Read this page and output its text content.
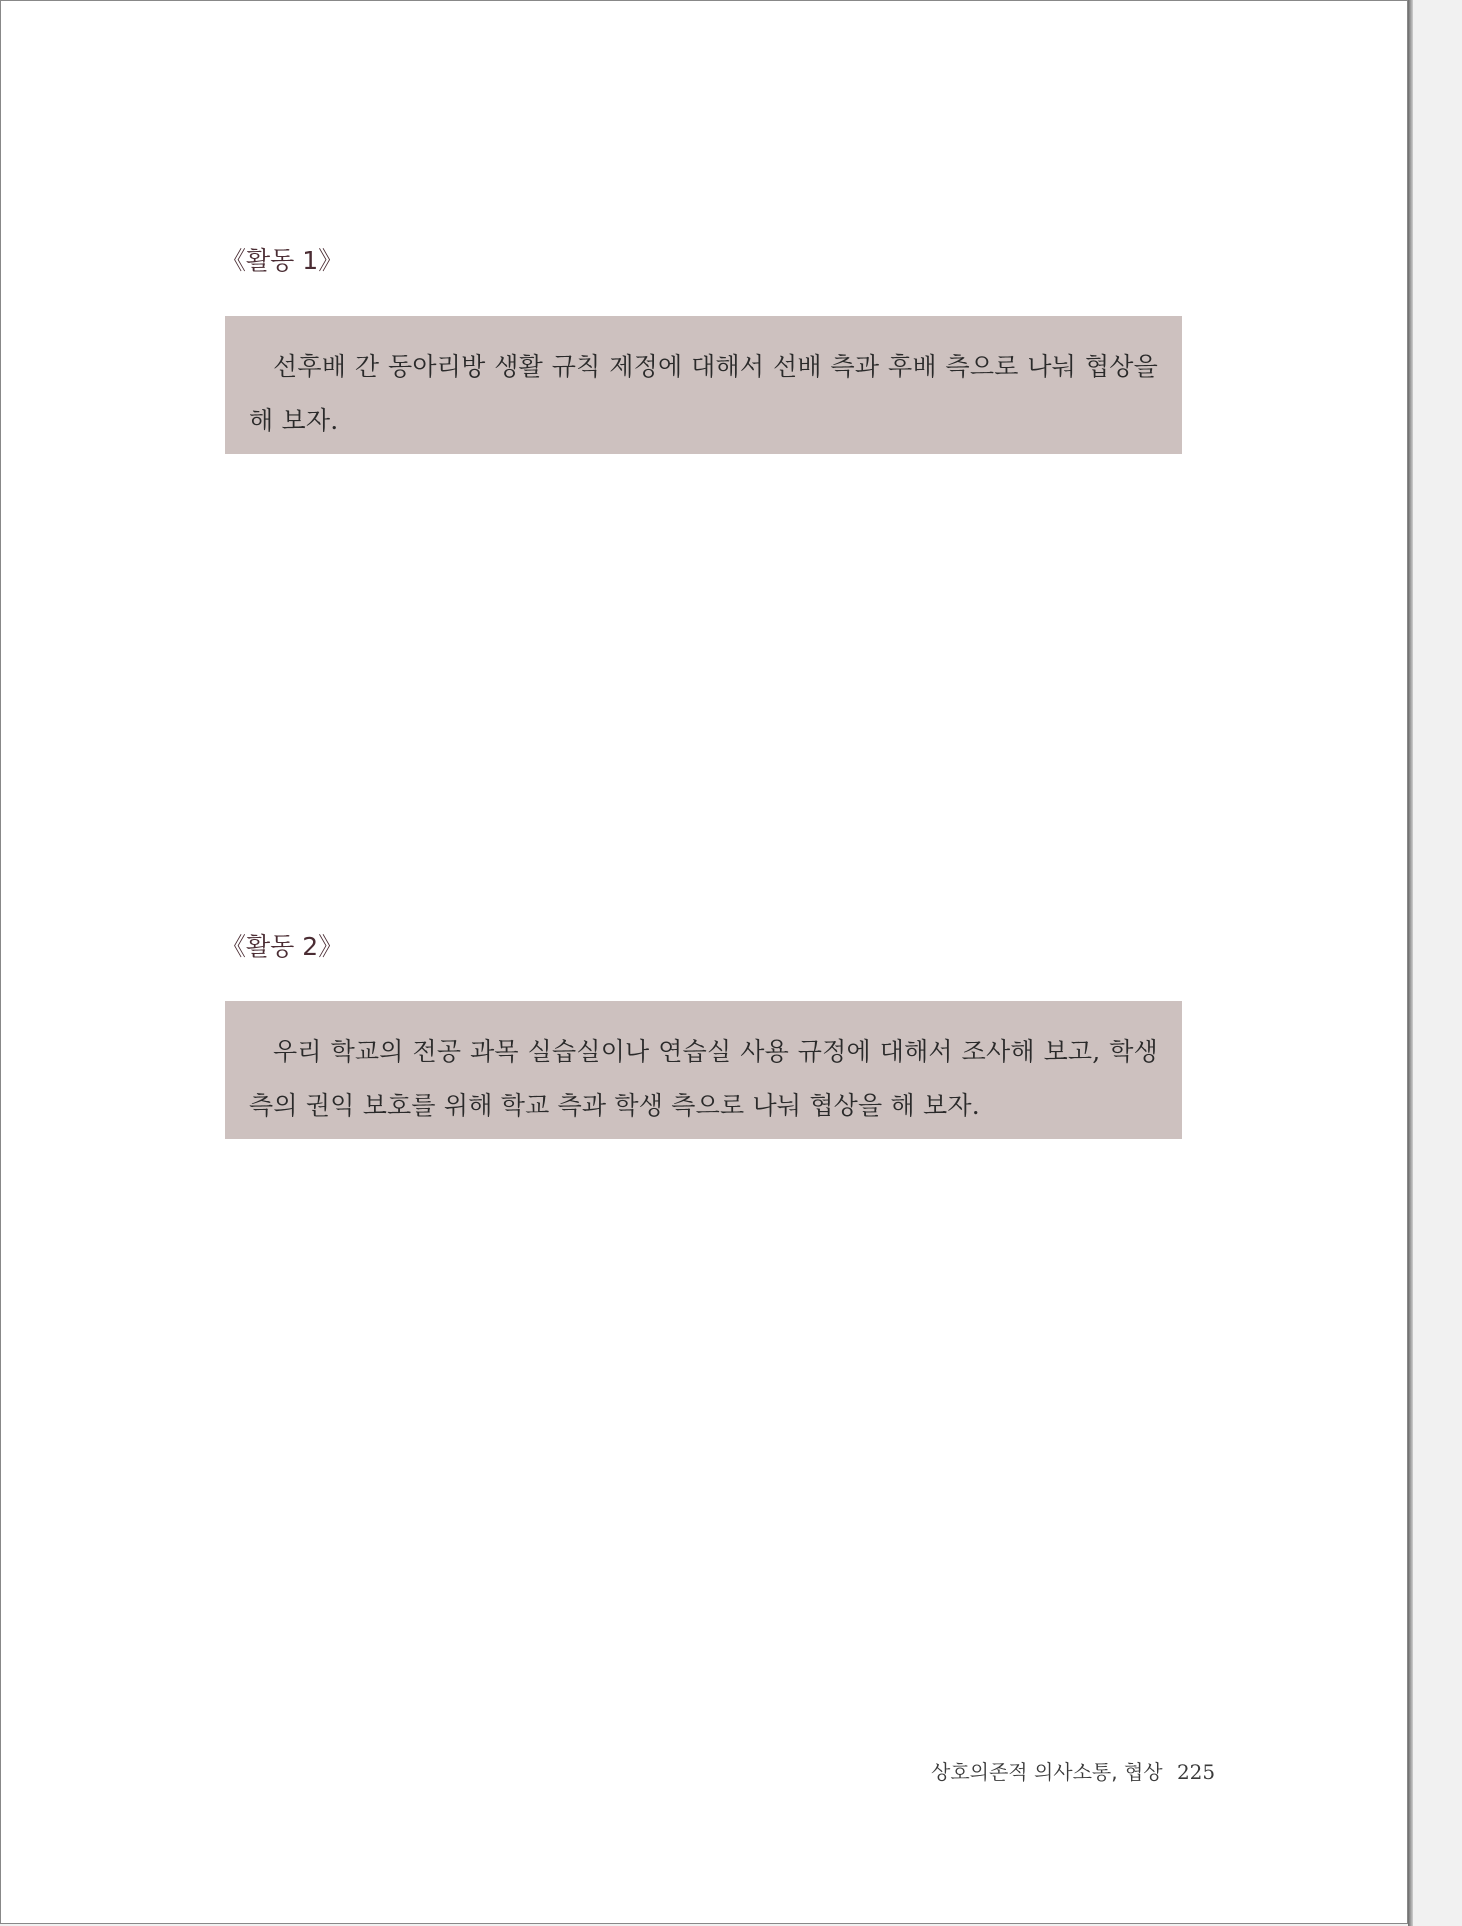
《활동 1》

선후배 간 동아리방 생활 규칙 제정에 대해서 선배 측과 후배 측으로 나눠 협상을 해 보자.

《활동 2》

우리 학교의 전공 과목 실습실이나 연습실 사용 규정에 대해서 조사해 보고, 학생 측의 권익 보호를 위해 학교 측과 학생 측으로 나눠 협상을 해 보자.

상호의존적 의사소통, 협상 225
